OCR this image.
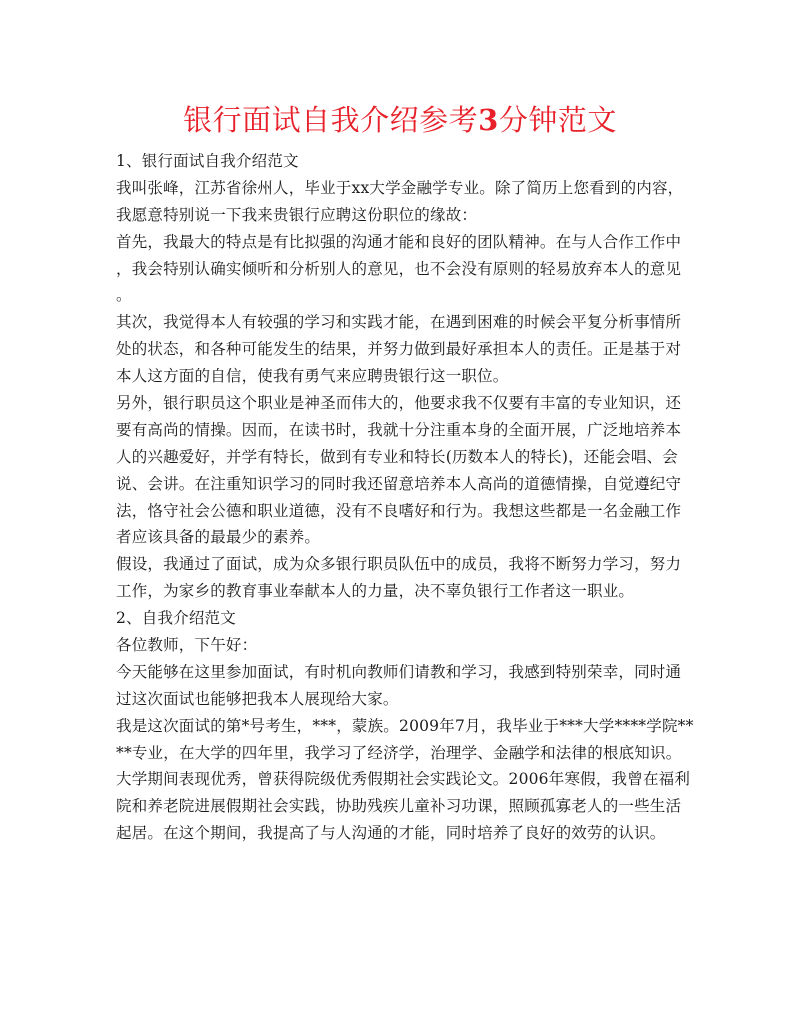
银行面试自我介绍参考3分钟范文
1、银行面试自我介绍范文
我叫张峰，江苏省徐州人，毕业于xx大学金融学专业。除了简历上您看到的内容，
我愿意特别说一下我来贵银行应聘这份职位的缘故：
首先，我最大的特点是有比拟强的沟通才能和良好的团队精神。在与人合作工作中
，我会特别认确实倾听和分析别人的意见，也不会没有原则的轻易放弃本人的意见
。
其次，我觉得本人有较强的学习和实践才能，在遇到困难的时候会平复分析事情所
处的状态，和各种可能发生的结果，并努力做到最好承担本人的责任。正是基于对
本人这方面的自信，使我有勇气来应聘贵银行这一职位。
另外，银行职员这个职业是神圣而伟大的，他要求我不仅要有丰富的专业知识，还
要有高尚的情操。因而，在读书时，我就十分注重本身的全面开展，广泛地培养本
人的兴趣爱好，并学有特长，做到有专业和特长(历数本人的特长)，还能会唱、会
说、会讲。在注重知识学习的同时我还留意培养本人高尚的道德情操，自觉遵纪守
法，恪守社会公德和职业道德，没有不良嗜好和行为。我想这些都是一名金融工作
者应该具备的最最少的素养。
假设，我通过了面试，成为众多银行职员队伍中的成员，我将不断努力学习，努力
工作，为家乡的教育事业奉献本人的力量，决不辜负银行工作者这一职业。
2、自我介绍范文
各位教师，下午好：
今天能够在这里参加面试，有时机向教师们请教和学习，我感到特别荣幸，同时通
过这次面试也能够把我本人展现给大家。
我是这次面试的第*号考生，***，蒙族。2009年7月，我毕业于***大学****学院**
**专业，在大学的四年里，我学习了经济学，治理学、金融学和法律的根底知识。
大学期间表现优秀，曾获得院级优秀假期社会实践论文。2006年寒假，我曾在福利
院和养老院进展假期社会实践，协助残疾儿童补习功课，照顾孤寡老人的一些生活
起居。在这个期间，我提高了与人沟通的才能，同时培养了良好的效劳的认识。
